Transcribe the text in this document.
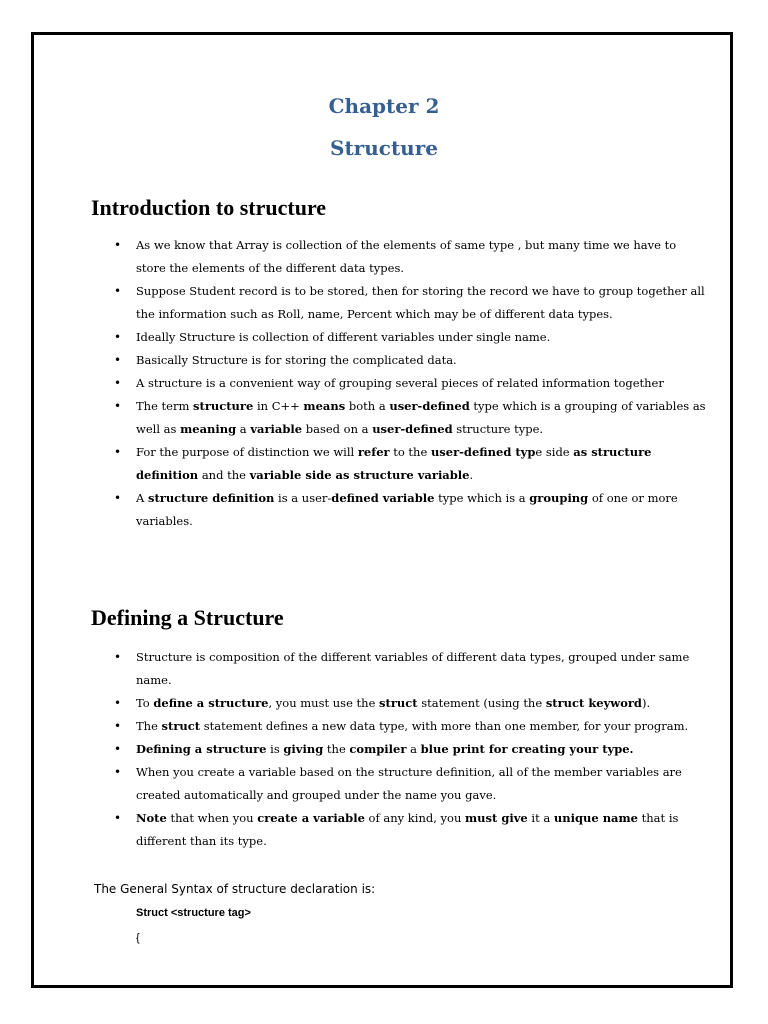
Chapter 2
Structure
Introduction to structure
• As we know that Array is collection of the elements of same type , but many time we have to store the elements of the different data types.
• Suppose Student record is to be stored, then for storing the record we have to group together all the information such as Roll, name, Percent which may be of different data types.
• Ideally Structure is collection of different variables under single name.
• Basically Structure is for storing the complicated data.
• A structure is a convenient way of grouping several pieces of related information together
• The term structure in C++ means both a user-defined type which is a grouping of variables as well as meaning a variable based on a user-defined structure type.
• For the purpose of distinction we will refer to the user-defined type side as structure definition and the variable side as structure variable.
• A structure definition is a user-defined variable type which is a grouping of one or more variables.
Defining a Structure
• Structure is composition of the different variables of different data types, grouped under same name.
• To define a structure, you must use the struct statement (using the struct keyword).
• The struct statement defines a new data type, with more than one member, for your program.
• Defining a structure is giving the compiler a blue print for creating your type.
• When you create a variable based on the structure definition, all of the member variables are created automatically and grouped under the name you gave.
• Note that when you create a variable of any kind, you must give it a unique name that is different than its type.

The General Syntax of structure declaration is:

Struct <structure tag>

{
